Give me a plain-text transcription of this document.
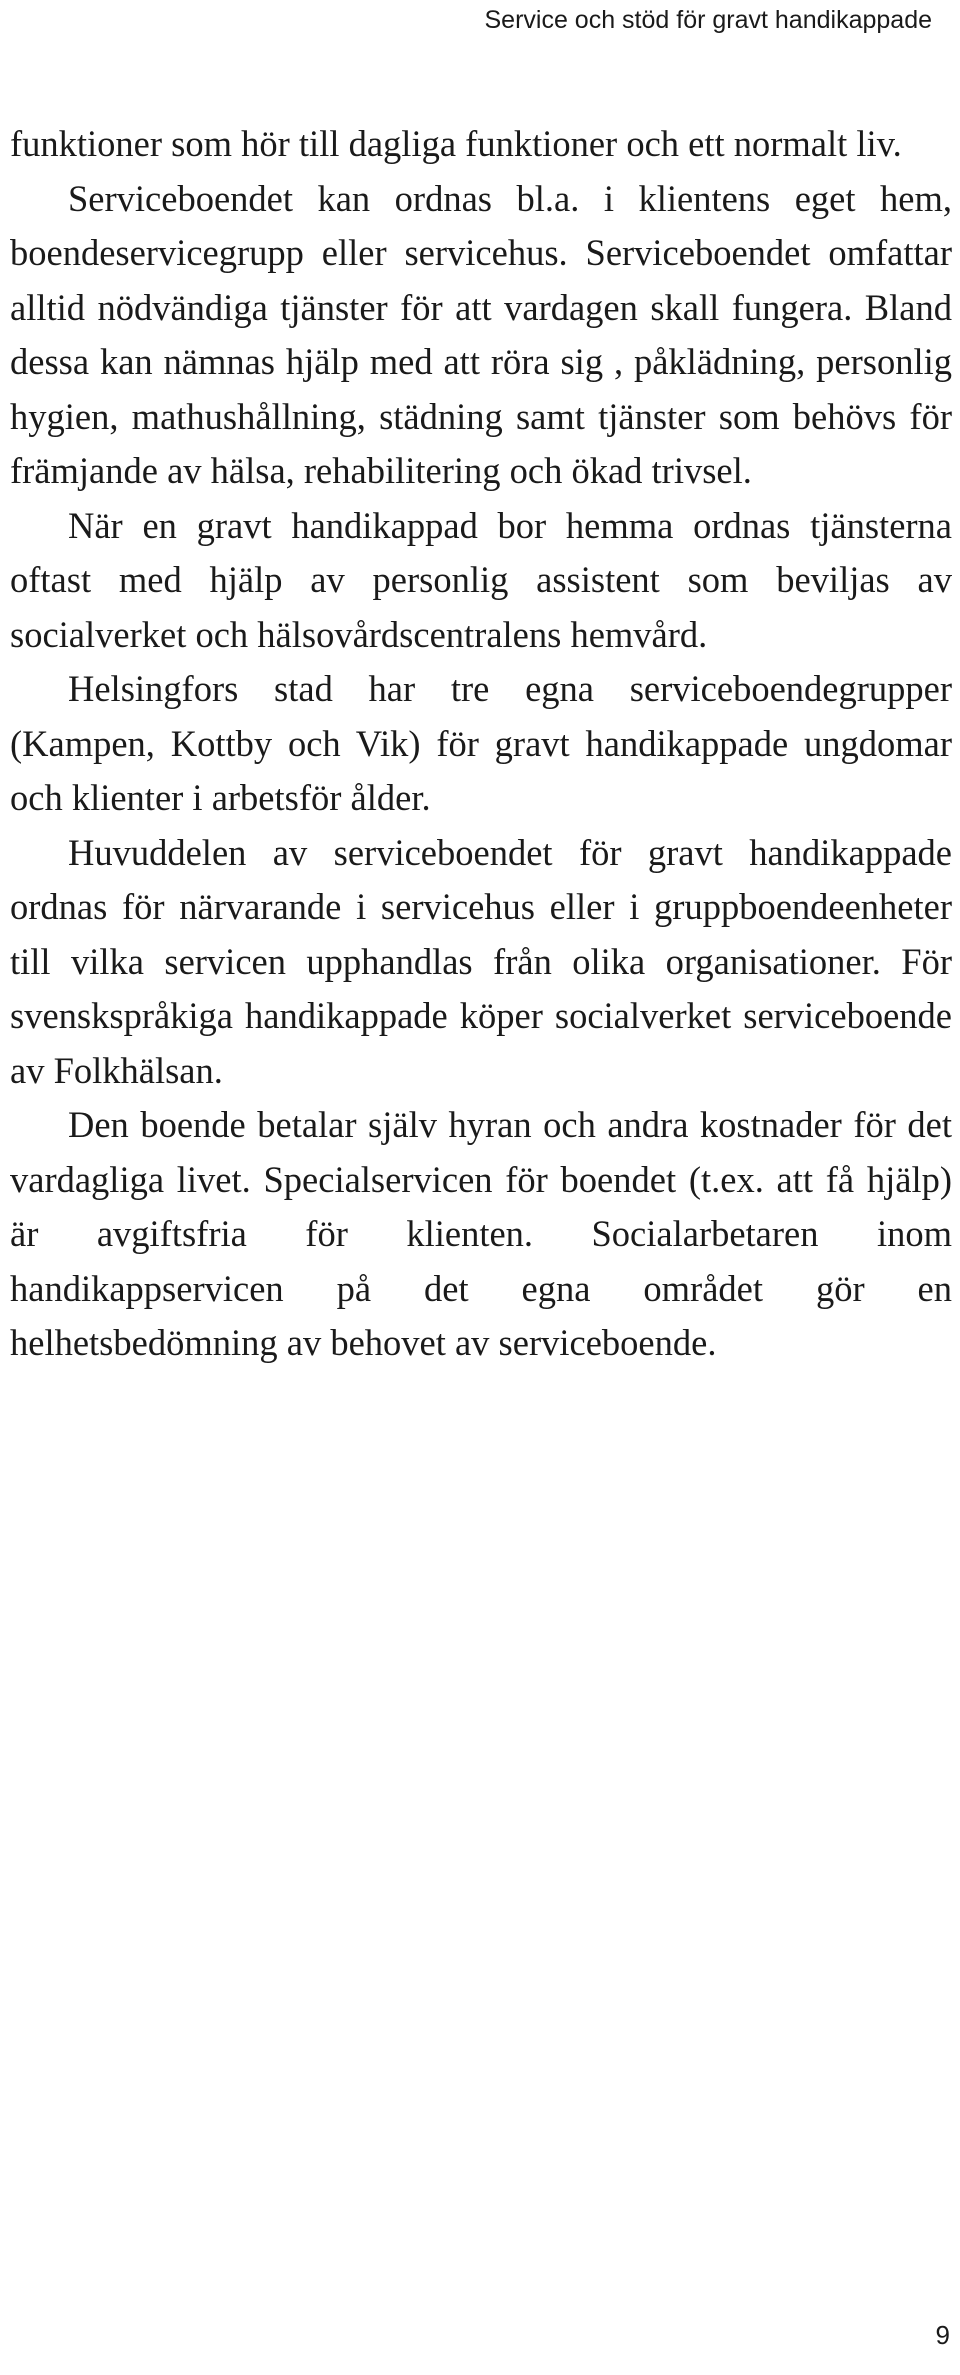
Service och stöd för gravt handikappade

funktioner som hör till dagliga funktioner och ett normalt liv.

Serviceboendet kan ordnas bl.a. i klientens eget hem, boendeservicegrupp eller servicehus. Serviceboendet omfattar alltid nödvändiga tjänster för att vardagen skall fungera. Bland dessa kan nämnas hjälp med att röra sig , påklädning, personlig hygien, mathushållning, städning samt tjänster som behövs för främjande av hälsa, rehabilitering och ökad trivsel.

När en gravt handikappad bor hemma ordnas tjänsterna oftast med hjälp av personlig assistent som beviljas av socialverket och hälsovårdscentralens hemvård.

Helsingfors stad har tre egna serviceboendegrupper (Kampen, Kottby och Vik) för gravt handikappade ungdomar och klienter i arbetsför ålder.

Huvuddelen av serviceboendet för gravt handikappade ordnas för närvarande i servicehus eller i gruppboendeenheter till vilka servicen upphandlas från olika organisationer. För svenskspråkiga handikappade köper socialverket serviceboende av Folkhälsan.

Den boende betalar själv hyran och andra kostnader för det vardagliga livet. Specialservicen för boendet (t.ex. att få hjälp) är avgiftsfria för klienten. Socialarbetaren inom handikappservicen på det egna området gör en helhetsbedömning av behovet av serviceboende.

9
